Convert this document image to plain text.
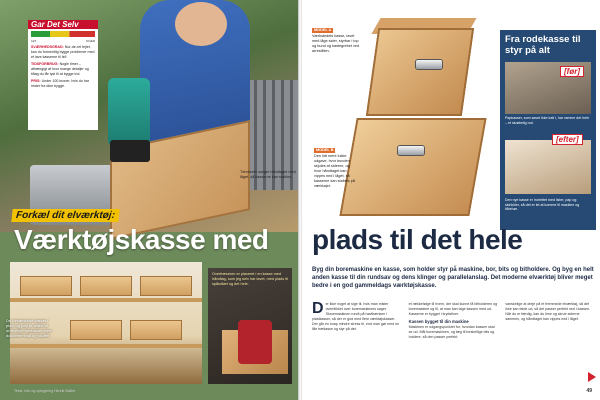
Gar Det Selv
LET	SVÆR
SVÆRHEDSGRAD: Nor-de-ret fejlet, kan du formentlig bygge problemer med et lave kasserne til tid!
TIDSFORBRUG: Nogle timer – afhængigt af hvor mange detaljer og tiltag du får lyst til at bygge ind.
PRIS: Under 100 kroner, hvis du har rester fra dine bygge.
Tænkeren sørger håndtaget med låget, så kasserne kan stables.
Forkæl dit elværktøj:
Værktøjskasse med
De forsænkede kasser i plast og pap er afløst af ordentlige trækasser med dokketerminal og skuffer.
Overfræseren er placeret i en kasse med håndtag, som jeg selv har lavet, med plads til spåndtæt og det hele.
Tekst, foto og opbygning Henrik Møller
MODEL A
Værkstedets kasse, lavet med låge sider, styrbar i top og bund og kastegrebet ved arrestitlen.
MODEL B
Den lidt mere lukke udgave, hvor bunden skjules af siderne, og hvor håndtaget kan vippes ned i låget, så kasserne kan stables på værktøjet.
Fra rodekasse til styr på alt
[før]
Papkasser, som savet ikke kalt i, har ramme det hele – et skrøbelig rod.
[efter]
Den nye kasse er indrettet med lister, pap og skinkkler, så det er let at komme til maskine og tilbehør.
plads til det hele
Byg din boremaskine en kasse, som holder styr på maskine, bor, bits og bitholdere. Og byg en helt anden kasse til din rundsav og dens klinger og parallelanslag. Det moderne elværktøj bliver meget bedre i en god gammeldags værktøjskasse.
D er ikke noget at sige til, hvis man mister overblikket over boremaskinens sager. Skruemaskinen rundt på høvlbænken i plastkasser, så der er god med flere værktøjskasser. Der går en knap mindre stress til, end man gør med en lille trækasse og styr på det.
et rækkefølge til hvem, der skal kunne få bitholderen og boremaskine og til, at man kan tage kassen med ud. Kasserne er bygget i krydsfiner.
Kassen bygget til din maskine
Maskinen er udgangspunktet for, hvordan kassen skal se ud. Mål boremaskinen, og læg til forskellige bits og holdere, så den passer perfekt.
vanskelige at dreje på et fremmede elværktøj, så det ikke kan falde ud, så det passer perfekt ned i kassen. Når du er færdig, kan du lime og skrue siderne sammen, og håndtaget kan vippes ned i låget.
49
